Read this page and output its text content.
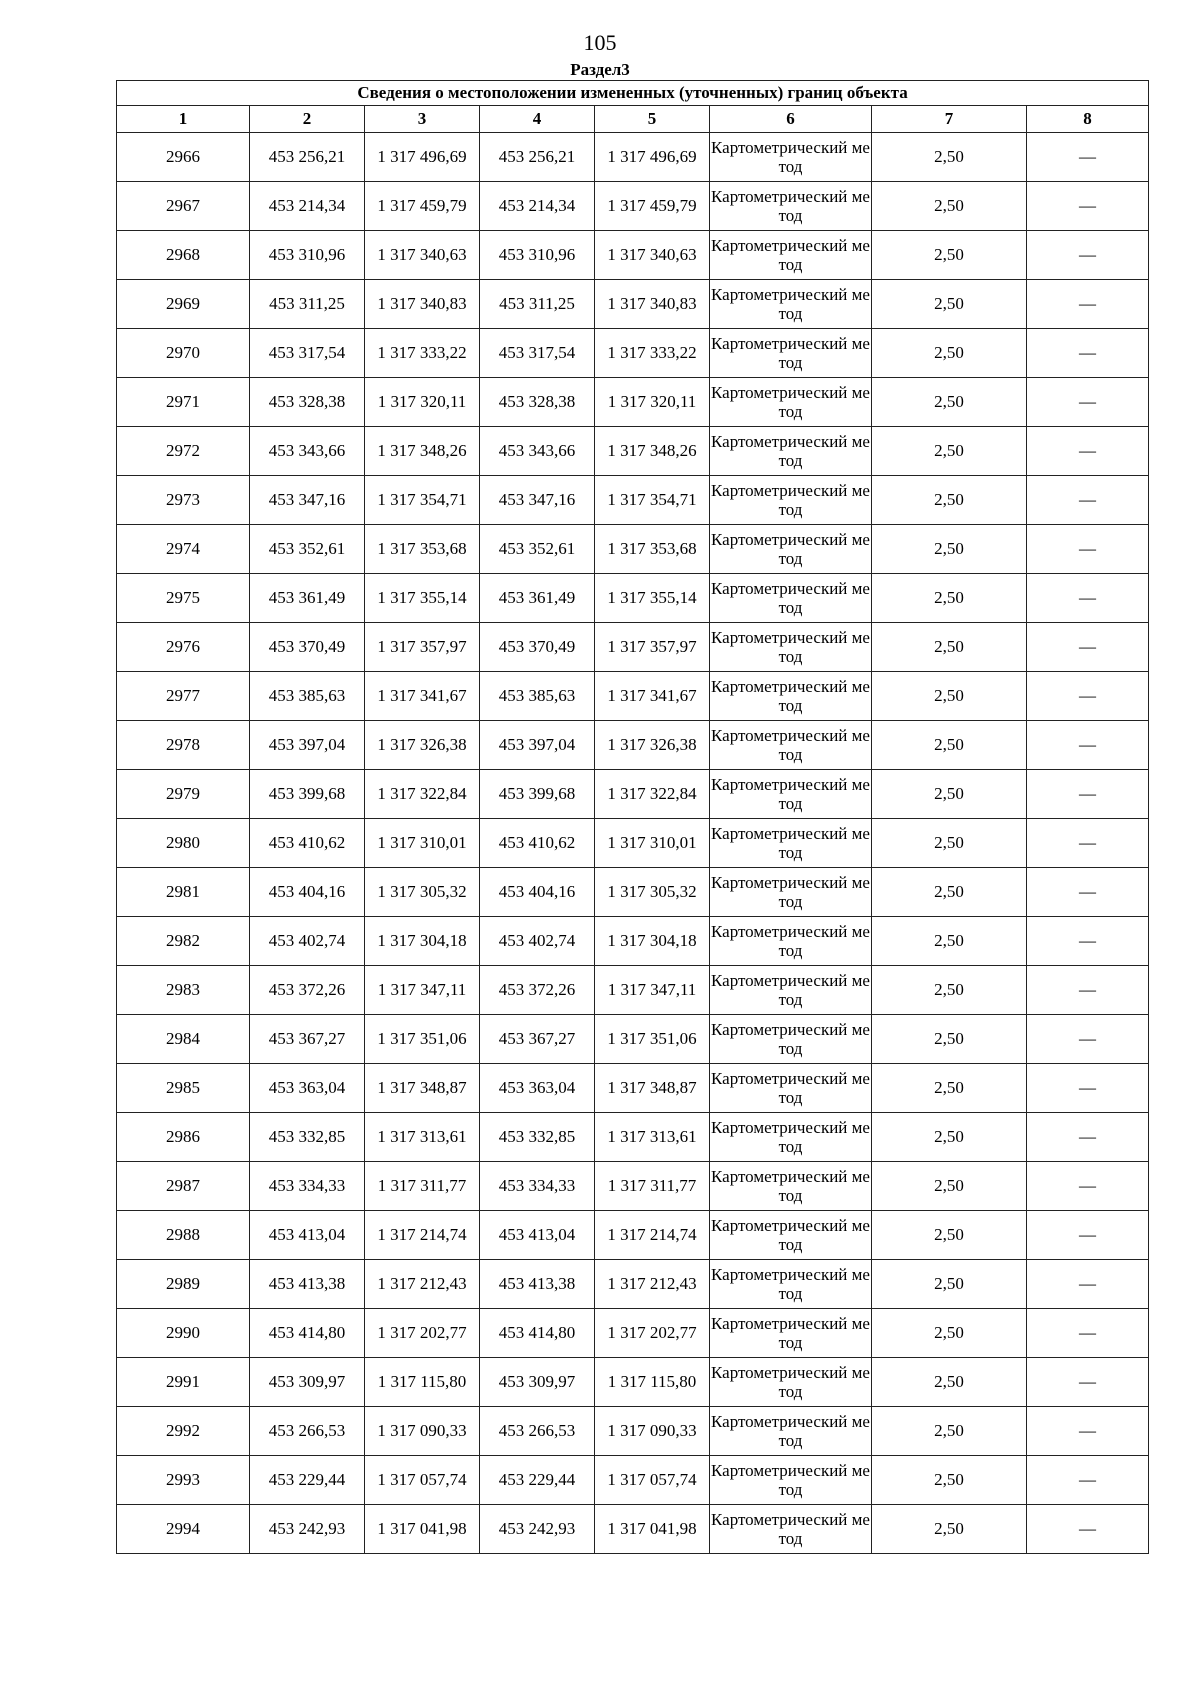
105
Раздел3
Сведения о местоположении измененных (уточненных) границ объекта							
1	2	3	4	5	6	7	8
2966	453 256,21	1 317 496,69	453 256,21	1 317 496,69	Картометрический метод	2,50	—
2967	453 214,34	1 317 459,79	453 214,34	1 317 459,79	Картометрический метод	2,50	—
2968	453 310,96	1 317 340,63	453 310,96	1 317 340,63	Картометрический метод	2,50	—
2969	453 311,25	1 317 340,83	453 311,25	1 317 340,83	Картометрический метод	2,50	—
2970	453 317,54	1 317 333,22	453 317,54	1 317 333,22	Картометрический метод	2,50	—
2971	453 328,38	1 317 320,11	453 328,38	1 317 320,11	Картометрический метод	2,50	—
2972	453 343,66	1 317 348,26	453 343,66	1 317 348,26	Картометрический метод	2,50	—
2973	453 347,16	1 317 354,71	453 347,16	1 317 354,71	Картометрический метод	2,50	—
2974	453 352,61	1 317 353,68	453 352,61	1 317 353,68	Картометрический метод	2,50	—
2975	453 361,49	1 317 355,14	453 361,49	1 317 355,14	Картометрический метод	2,50	—
2976	453 370,49	1 317 357,97	453 370,49	1 317 357,97	Картометрический метод	2,50	—
2977	453 385,63	1 317 341,67	453 385,63	1 317 341,67	Картометрический метод	2,50	—
2978	453 397,04	1 317 326,38	453 397,04	1 317 326,38	Картометрический метод	2,50	—
2979	453 399,68	1 317 322,84	453 399,68	1 317 322,84	Картометрический метод	2,50	—
2980	453 410,62	1 317 310,01	453 410,62	1 317 310,01	Картометрический метод	2,50	—
2981	453 404,16	1 317 305,32	453 404,16	1 317 305,32	Картометрический метод	2,50	—
2982	453 402,74	1 317 304,18	453 402,74	1 317 304,18	Картометрический метод	2,50	—
2983	453 372,26	1 317 347,11	453 372,26	1 317 347,11	Картометрический метод	2,50	—
2984	453 367,27	1 317 351,06	453 367,27	1 317 351,06	Картометрический метод	2,50	—
2985	453 363,04	1 317 348,87	453 363,04	1 317 348,87	Картометрический метод	2,50	—
2986	453 332,85	1 317 313,61	453 332,85	1 317 313,61	Картометрический метод	2,50	—
2987	453 334,33	1 317 311,77	453 334,33	1 317 311,77	Картометрический метод	2,50	—
2988	453 413,04	1 317 214,74	453 413,04	1 317 214,74	Картометрический метод	2,50	—
2989	453 413,38	1 317 212,43	453 413,38	1 317 212,43	Картометрический метод	2,50	—
2990	453 414,80	1 317 202,77	453 414,80	1 317 202,77	Картометрический метод	2,50	—
2991	453 309,97	1 317 115,80	453 309,97	1 317 115,80	Картометрический метод	2,50	—
2992	453 266,53	1 317 090,33	453 266,53	1 317 090,33	Картометрический метод	2,50	—
2993	453 229,44	1 317 057,74	453 229,44	1 317 057,74	Картометрический метод	2,50	—
2994	453 242,93	1 317 041,98	453 242,93	1 317 041,98	Картометрический метод	2,50	—
